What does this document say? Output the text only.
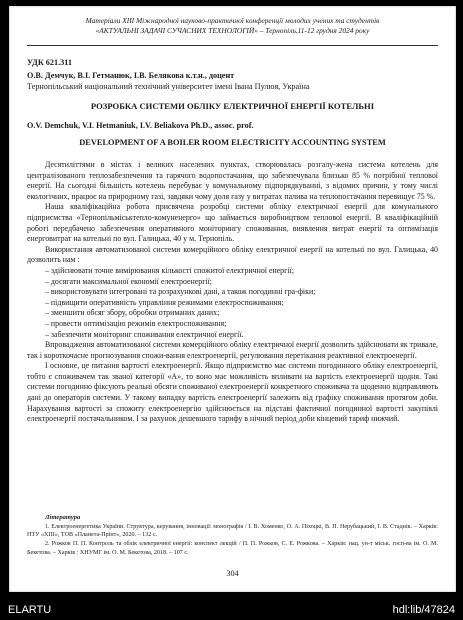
Матеріали XIII Міжнародної науково-практичної конференції молодих учених та студентів
«АКТУАЛЬНІ ЗАДАЧІ СУЧАСНИХ ТЕХНОЛОГІЙ» – Тернопіль,11-12 грудня 2024 року
УДК 621.311
О.В. Демчук, В.І. Гетманюк, І.В. Белякова к.т.н., доцент
Тернопільський національний технічний університет імені Івана Пулюя, Україна
РОЗРОБКА СИСТЕМИ ОБЛІКУ ЕЛЕКТРИЧНОЇ ЕНЕРГІЇ КОТЕЛЬНІ
O.V. Demchuk, V.I. Hetmaniuk, I.V. Beliakova Ph.D., assoc. prof.
DEVELOPMENT OF A BOILER ROOM ELECTRICITY ACCOUNTING SYSTEM

Десятиліттями в містах і великих населених пунктах, створювалась розгалу-жена система котелень для централізованого теплозабезпечення та гарячого водопостачання, що забезпечувала близько 85 % потрібної теплової енергії. На сьогодні більшість котелень перебуває у комунальному підпорядкуванні, з відомих причин, у тому числі екологічних, працює на природному газі, завдяки чому доля газу у витратах палива на теплопостачання перевищує 75 %.

Нашa кваліфікаційна робота присвячена розробці системи обліку електричної енергії для комунального підприємства «Тернопільміськтепло-комуненерго» що займається виробництвом теплової енергії. В кваліфікаційній роботі передбачено забезпечення оперативного моніторингу споживання, виявлення витрат енергії та оптимізація енерговитрат на котельні по вул. Галицька, 40 у м. Тернопіль.

Використання автоматизованої системи комерційного обліку електричної енергії на котельні по вул. Галицька, 40 дозволить нам :

– здійснювати точне вимірювання кількості спожитої електричної енергії;
– досягати максимальної економії електроенергії;
– використовувати інтегровані та розрахункові дані, а також погодинні гра-фіки;
– підвищити оперативність управління режимами електроспоживання;
– зменшити обсяг збору, обробки отриманих даних;
– провести оптимізацію режимів електроспоживання;
– забезпечити моніторинг споживання електричної енергії.

Впровадження автоматизованої системи комерційного обліку електричної енергії дозволить здійснювати як тривале, так і короткочасне прогнозування спожи-вання електроенергії, регулювання перетікання реактивної електроенергії.

І основне, це питання вартості електроенергії. Якщо підприємство має системи погодинного обліку електроенергії, тобто є споживачем так званої категорії «А», то воно має можливість впливати на вартість електроенергії щодня. Такі системи погодинно фіксують реальні обсяги споживаної електроенергії конкретного споживача та щоденно відправляють дані до операторів системи. У такому випадку вартість електроенергії залежить від графіку споживання протягом доби. Нарахування вартості за спожиту електроенергію здійснюється на підставі фактичної погодинної вартості закупівлі електроенергії постачальником. І за рахунок дешевшого тарифу в нічний період доби кінцевий тариф нижчий.

Література

1. Електроенергетика України. Структура, керування, інновації: монографія / І. В. Хоменко, О. А. Піхоцкі, В. П. Нерубацький, І. В. Стаднік. – Харків: НТУ «ХПІ», ТОВ «Планета-Прінт», 2020. – 132 с.

2. Рожков П. П. Контроль та облік електричної енергії: конспект лекцій / П. П. Рожков, С. Е. Рожкова. – Харків: нац. ун-т міськ. госп-ва ім. О. М. Бекетова. – Харків : ХНУМГ ім. О. М. Бекетова, 2018. – 107 с.

304
ELARTU	hdl:lib/47824
